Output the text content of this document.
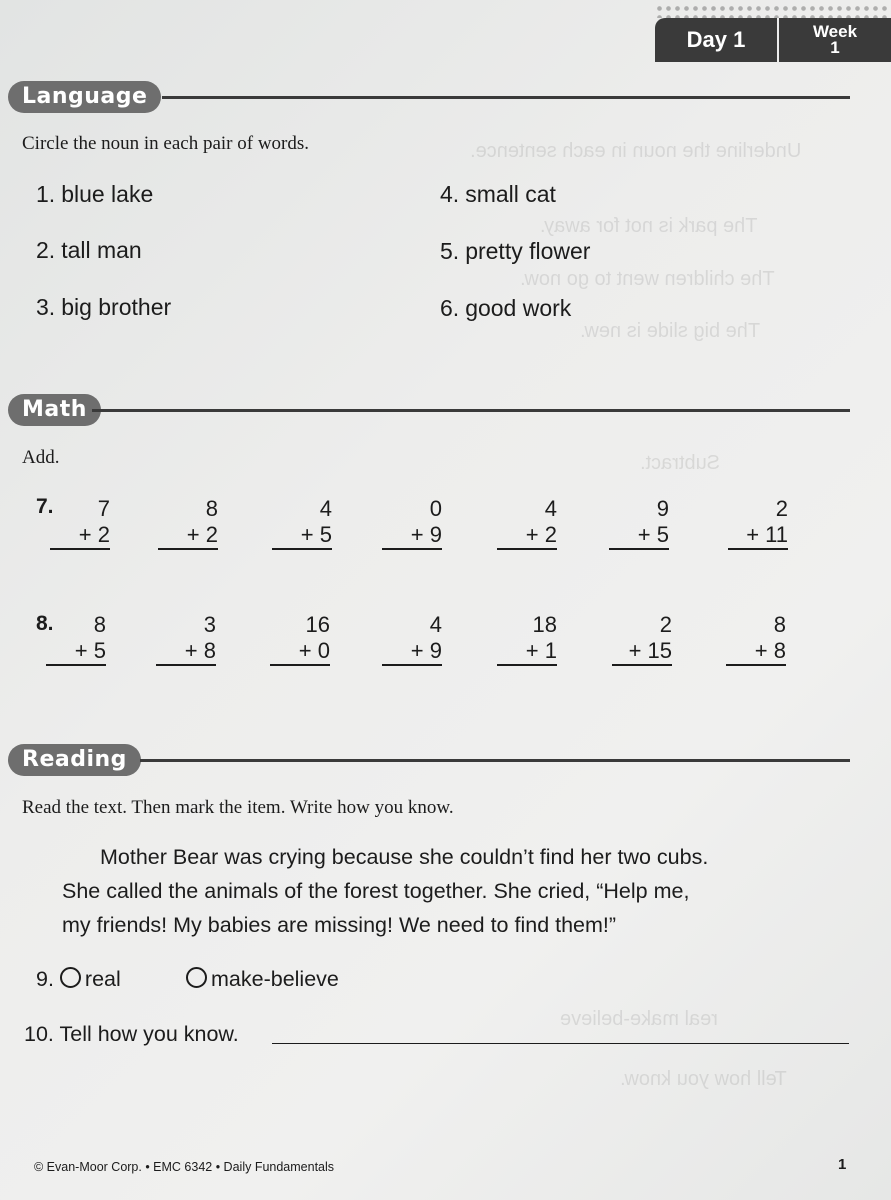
Underline the noun in each sentence.
The park is not for away.
The children went to go now.
The big slide is new.
Subtract.
real make-believe
Tell how you know.
Day 1	Week
1
Language
Circle the noun in each pair of words.
1. blue lake
2. tall man
3. big brother
4. small cat
5. pretty flower
6. good work
Math
Add.
7.	7
+ 2
8
+ 2
4
+ 5
0
+ 9
4
+ 2
9
+ 5
2
+ 11
8.	8
+ 5
3
+ 8
16
+ 0
4
+ 9
18
+ 1
2
+ 15
8
+ 8
Reading
Read the text. Then mark the item. Write how you know.
Mother Bear was crying because she couldn’t find her two cubs.
She called the animals of the forest together. She cried, “Help me,
my friends! My babies are missing! We need to find them!”
9. real	make-believe
10. Tell how you know.
© Evan-Moor Corp. • EMC 6342 • Daily Fundamentals	1
